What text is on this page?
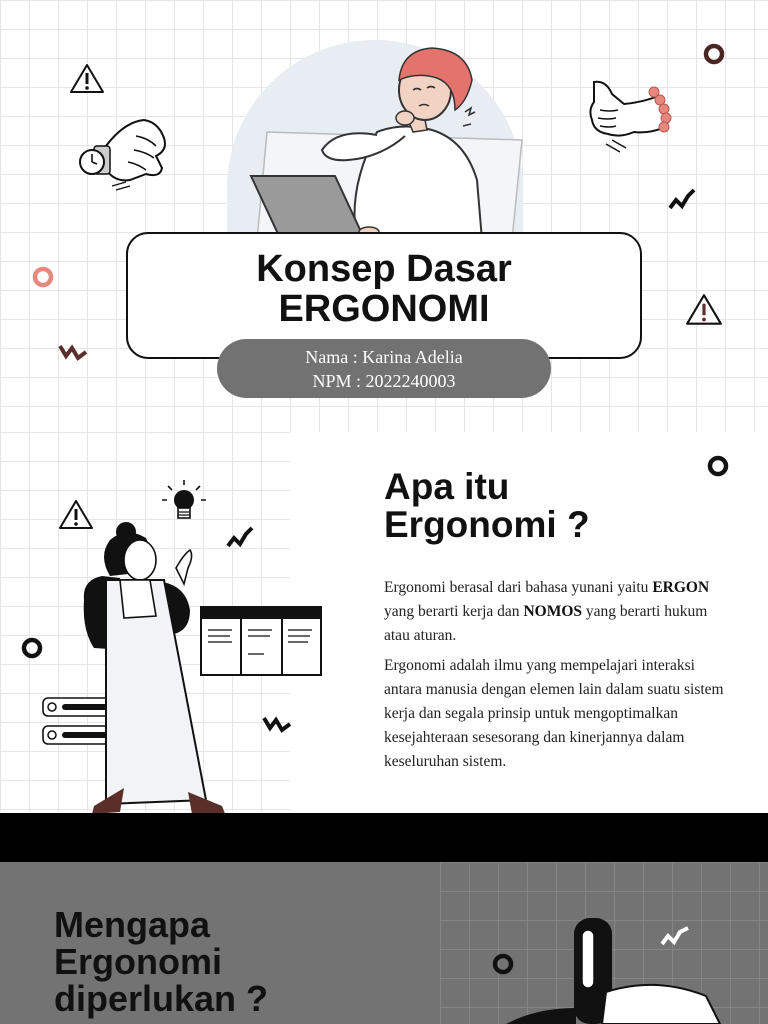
Konsep Dasar
ERGONOMI
Nama : Karina Adelia
NPM : 2022240003
Apa itu
Ergonomi ?

Ergonomi berasal dari bahasa yunani yaitu ERGON yang berarti kerja dan NOMOS yang berarti hukum atau aturan.

Ergonomi adalah ilmu yang mempelajari interaksi antara manusia dengan elemen lain dalam suatu sistem kerja dan segala prinsip untuk mengoptimalkan kesejahteraan sesesorang dan kinerjannya dalam keseluruhan sistem.

Mengapa
Ergonomi
diperlukan ?
